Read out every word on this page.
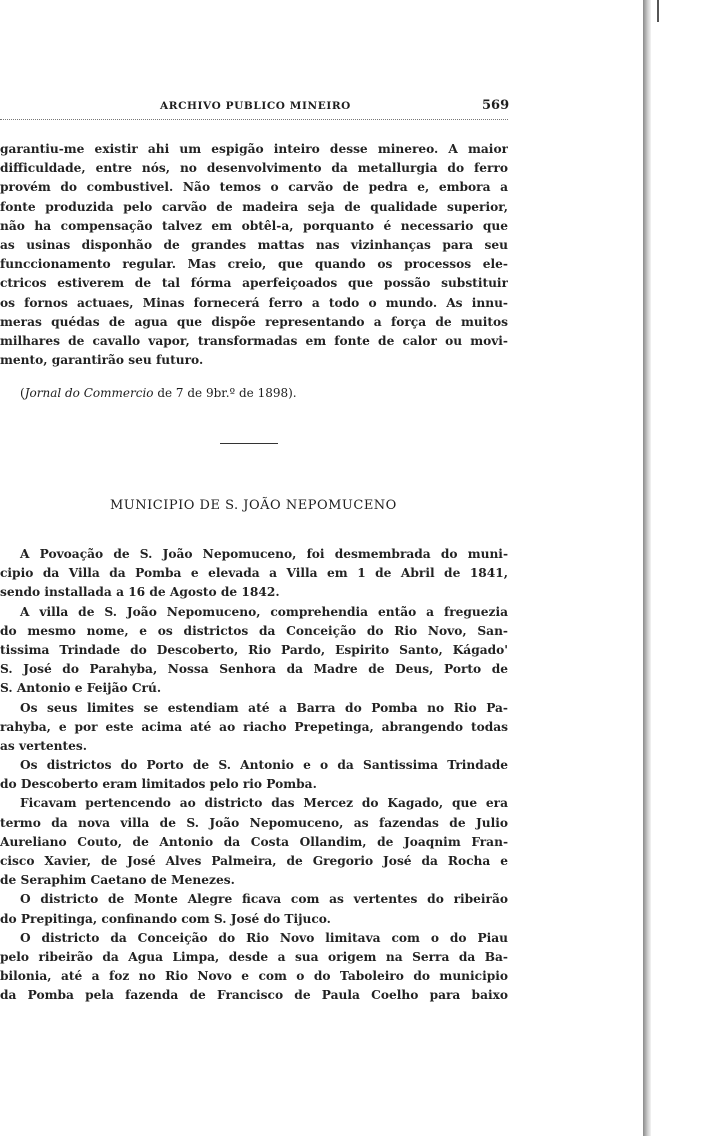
ARCHIVO PUBLICO MINEIRO	569
garantiu-me existir ahi um espigão inteiro desse minereo. A maior
difficuldade, entre nós, no desenvolvimento da metallurgia do ferro
provém do combustivel. Não temos o carvão de pedra e, embora a
fonte produzida pelo carvão de madeira seja de qualidade superior,
não ha compensação talvez em obtêl-a, porquanto é necessario que
as usinas disponhão de grandes mattas nas vizinhanças para seu
funccionamento regular. Mas creio, que quando os processos ele-
ctricos estiverem de tal fórma aperfeiçoados que possão substituir
os fornos actuaes, Minas fornecerá ferro a todo o mundo. As innu-
meras quédas de agua que dispõe representando a força de muitos
milhares de cavallo vapor, transformadas em fonte de calor ou movi-
mento, garantirão seu futuro.
(Jornal do Commercio de 7 de 9br.º de 1898).
MUNICIPIO DE S. JOÃO NEPOMUCENO
A Povoação de S. João Nepomuceno, foi desmembrada do muni-
cipio da Villa da Pomba e elevada a Villa em 1 de Abril de 1841,
sendo installada a 16 de Agosto de 1842.
A villa de S. João Nepomuceno, comprehendia então a freguezia
do mesmo nome, e os districtos da Conceição do Rio Novo, San-
tissima Trindade do Descoberto, Rio Pardo, Espirito Santo, Kágado'
S. José do Parahyba, Nossa Senhora da Madre de Deus, Porto de
S. Antonio e Feijão Crú.
Os seus limites se estendiam até a Barra do Pomba no Rio Pa-
rahyba, e por este acima até ao riacho Prepetinga, abrangendo todas
as vertentes.
Os districtos do Porto de S. Antonio e o da Santissima Trindade
do Descoberto eram limitados pelo rio Pomba.
Ficavam pertencendo ao districto das Mercez do Kagado, que era
termo da nova villa de S. João Nepomuceno, as fazendas de Julio
Aureliano Couto, de Antonio da Costa Ollandim, de Joaqnim Fran-
cisco Xavier, de José Alves Palmeira, de Gregorio José da Rocha e
de Seraphim Caetano de Menezes.
O districto de Monte Alegre ficava com as vertentes do ribeirão
do Prepitinga, confinando com S. José do Tijuco.
O districto da Conceição do Rio Novo limitava com o do Piau
pelo ribeirão da Agua Limpa, desde a sua origem na Serra da Ba-
bilonia, até a foz no Rio Novo e com o do Taboleiro do municipio
da Pomba pela fazenda de Francisco de Paula Coelho para baixo
